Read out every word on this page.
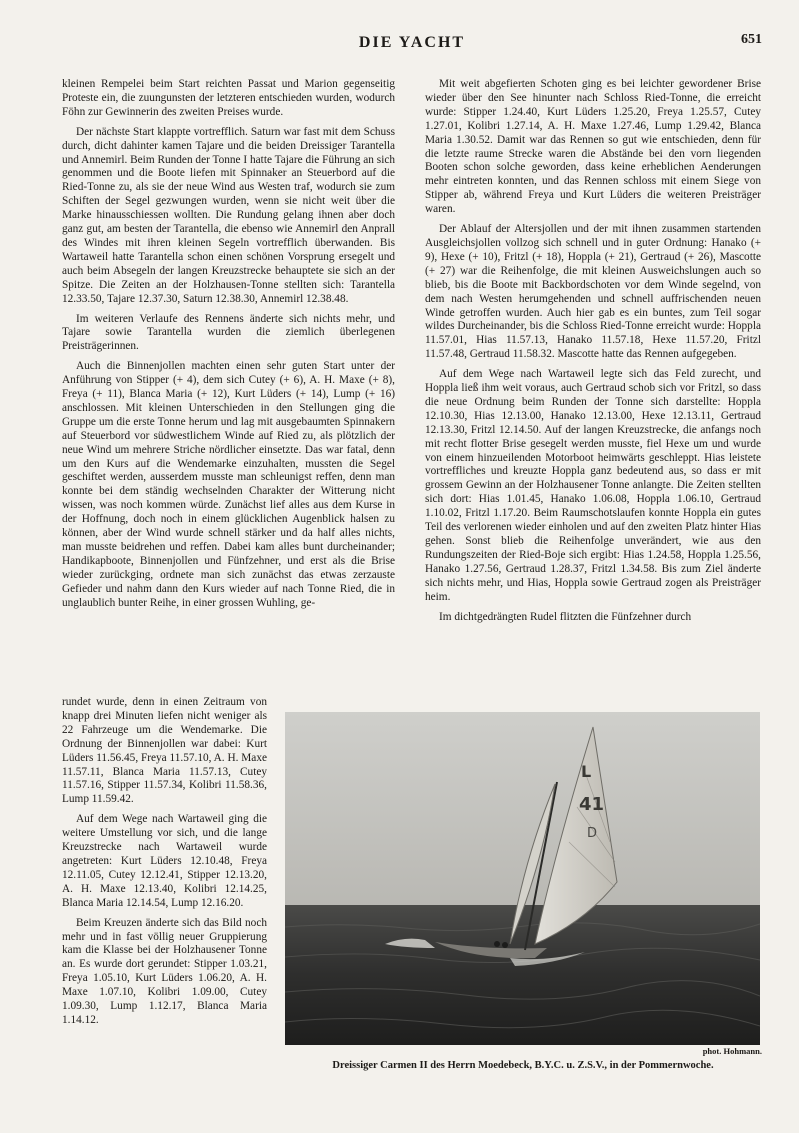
DIE YACHT	651

kleinen Rempelei beim Start reichten Passat und Marion gegenseitig Proteste ein, die zuungunsten der letzteren entschieden wurden, wodurch Föhn zur Gewinnerin des zweiten Preises wurde.

Der nächste Start klappte vortrefflich. Saturn war fast mit dem Schuss durch, dicht dahinter kamen Tajare und die beiden Dreissiger Tarantella und Annemirl. Beim Runden der Tonne I hatte Tajare die Führung an sich genommen und die Boote liefen mit Spinnaker an Steuerbord auf die Ried-Tonne zu, als sie der neue Wind aus Westen traf, wodurch sie zum Schiften der Segel gezwungen wurden, wenn sie nicht weit über die Marke hinausschiessen wollten. Die Rundung gelang ihnen aber doch ganz gut, am besten der Tarantella, die ebenso wie Annemirl den Anprall des Windes mit ihren kleinen Segeln vortrefflich überwanden. Bis Wartaweil hatte Tarantella schon einen schönen Vorsprung ersegelt und auch beim Absegeln der langen Kreuzstrecke behauptete sie sich an der Spitze. Die Zeiten an der Holzhausen-Tonne stellten sich: Tarantella 12.33.50, Tajare 12.37.30, Saturn 12.38.30, Annemirl 12.38.48.

Im weiteren Verlaufe des Rennens änderte sich nichts mehr, und Tajare sowie Tarantella wurden die ziemlich überlegenen Preisträgerinnen.

Auch die Binnenjollen machten einen sehr guten Start unter der Anführung von Stipper (+ 4), dem sich Cutey (+ 6), A. H. Maxe (+ 8), Freya (+ 11), Blanca Maria (+ 12), Kurt Lüders (+ 14), Lump (+ 16) anschlossen. Mit kleinen Unterschieden in den Stellungen ging die Gruppe um die erste Tonne herum und lag mit ausgebaumten Spinnakern auf Steuerbord vor südwestlichem Winde auf Ried zu, als plötzlich der neue Wind um mehrere Striche nördlicher einsetzte. Das war fatal, denn um den Kurs auf die Wendemarke einzuhalten, mussten die Segel geschiftet werden, ausserdem musste man schleunigst reffen, denn man konnte bei dem ständig wechselnden Charakter der Witterung nicht wissen, was noch kommen würde. Zunächst lief alles aus dem Kurse in der Hoffnung, doch noch in einem glücklichen Augenblick halsen zu können, aber der Wind wurde schnell stärker und da half alles nichts, man musste beidrehen und reffen. Dabei kam alles bunt durcheinander; Handikapboote, Binnenjollen und Fünfzehner, und erst als die Brise wieder zurückging, ordnete man sich zunächst das etwas zerzauste Gefieder und nahm dann den Kurs wieder auf nach Tonne Ried, die in unglaublich bunter Reihe, in einer grossen Wuhling, ge-

rundet wurde, denn in einen Zeitraum von knapp drei Minuten liefen nicht weniger als 22 Fahrzeuge um die Wendemarke. Die Ordnung der Binnenjollen war dabei: Kurt Lüders 11.56.45, Freya 11.57.10, A. H. Maxe 11.57.11, Blanca Maria 11.57.13, Cutey 11.57.16, Stipper 11.57.34, Kolibri 11.58.36, Lump 11.59.42.

Auf dem Wege nach Wartaweil ging die weitere Umstellung vor sich, und die lange Kreuzstrecke nach Wartaweil wurde angetreten: Kurt Lüders 12.10.48, Freya 12.11.05, Cutey 12.12.41, Stipper 12.13.20, A. H. Maxe 12.13.40, Kolibri 12.14.25, Blanca Maria 12.14.54, Lump 12.16.20.

Beim Kreuzen änderte sich das Bild noch mehr und in fast völlig neuer Gruppierung kam die Klasse bei der Holzhausener Tonne an. Es wurde dort gerundet: Stipper 1.03.21, Freya 1.05.10, Kurt Lüders 1.06.20, A. H. Maxe 1.07.10, Kolibri 1.09.00, Cutey 1.09.30, Lump 1.12.17, Blanca Maria 1.14.12.

Mit weit abgefierten Schoten ging es bei leichter gewordener Brise wieder über den See hinunter nach Schloss Ried-Tonne, die erreicht wurde: Stipper 1.24.40, Kurt Lüders 1.25.20, Freya 1.25.57, Cutey 1.27.01, Kolibri 1.27.14, A. H. Maxe 1.27.46, Lump 1.29.42, Blanca Maria 1.30.52. Damit war das Rennen so gut wie entschieden, denn für die letzte raume Strecke waren die Abstände bei den vorn liegenden Booten schon solche geworden, dass keine erheblichen Aenderungen mehr eintreten konnten, und das Rennen schloss mit einem Siege von Stipper ab, während Freya und Kurt Lüders die weiteren Preisträger waren.

Der Ablauf der Altersjollen und der mit ihnen zusammen startenden Ausgleichsjollen vollzog sich schnell und in guter Ordnung: Hanako (+ 9), Hexe (+ 10), Fritzl (+ 18), Hoppla (+ 21), Gertraud (+ 26), Mascotte (+ 27) war die Reihenfolge, die mit kleinen Ausweichslungen auch so blieb, bis die Boote mit Backbordschoten vor dem Winde segelnd, von dem nach Westen herumgehenden und schnell auffrischenden neuen Winde getroffen wurden. Auch hier gab es ein buntes, zum Teil sogar wildes Durcheinander, bis die Schloss Ried-Tonne erreicht wurde: Hoppla 11.57.01, Hias 11.57.13, Hanako 11.57.18, Hexe 11.57.20, Fritzl 11.57.48, Gertraud 11.58.32. Mascotte hatte das Rennen aufgegeben.

Auf dem Wege nach Wartaweil legte sich das Feld zurecht, und Hoppla ließ ihm weit voraus, auch Gertraud schob sich vor Fritzl, so dass die neue Ordnung beim Runden der Tonne sich darstellte: Hoppla 12.10.30, Hias 12.13.00, Hanako 12.13.00, Hexe 12.13.11, Gertraud 12.13.30, Fritzl 12.14.50. Auf der langen Kreuzstrecke, die anfangs noch mit recht flotter Brise gesegelt werden musste, fiel Hexe um und wurde von einem hinzueilenden Motorboot heimwärts geschleppt. Hias leistete vortreffliches und kreuzte Hoppla ganz bedeutend aus, so dass er mit grossem Gewinn an der Holzhausener Tonne anlangte. Die Zeiten stellten sich dort: Hias 1.01.45, Hanako 1.06.08, Hoppla 1.06.10, Gertraud 1.10.02, Fritzl 1.17.20. Beim Raumschotslaufen konnte Hoppla ein gutes Teil des verlorenen wieder einholen und auf den zweiten Platz hinter Hias gehen. Sonst blieb die Reihenfolge unverändert, wie aus den Rundungszeiten der Ried-Boje sich ergibt: Hias 1.24.58, Hoppla 1.25.56, Hanako 1.27.56, Gertraud 1.28.37, Fritzl 1.34.58. Bis zum Ziel änderte sich nichts mehr, und Hias, Hoppla sowie Gertraud zogen als Preisträger heim.

Im dichtgedrängten Rudel flitzten die Fünfzehner durch

L
41
D
phot. Hohmann.
Dreissiger Carmen II des Herrn Moedebeck, B.Y.C. u. Z.S.V., in der Pommernwoche.
